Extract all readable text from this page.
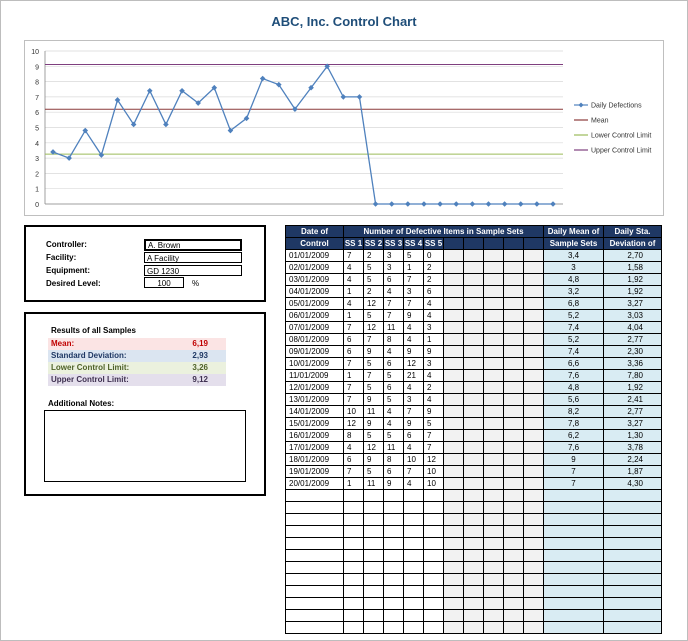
ABC, Inc. Control Chart
0
1
2
3
4
5
6
7
8
9
10
Daily Defections
Mean
Lower Control Limit
Upper Control Limit
Controller:	A. Brown
Facility:	A Facility
Equipment:	GD 1230
Desired Level:	100	%
Results of all Samples
Mean:	6,19
Standard Deviation:	2,93
Lower Control Limit:	3,26
Upper Control Limit:	9,12
Additional Notes:
Date of	Number of Defective Items in Sample Sets										Daily Mean of	Daily Sta.
Control	SS 1	SS 2	SS 3	SS 4	SS 5						Sample Sets	Deviation of
01/01/2009	7	2	3	5	0						3,4	2,70
02/01/2009	4	5	3	1	2						3	1,58
03/01/2009	4	5	6	7	2						4,8	1,92
04/01/2009	1	2	4	3	6						3,2	1,92
05/01/2009	4	12	7	7	4						6,8	3,27
06/01/2009	1	5	7	9	4						5,2	3,03
07/01/2009	7	12	11	4	3						7,4	4,04
08/01/2009	6	7	8	4	1						5,2	2,77
09/01/2009	6	9	4	9	9						7,4	2,30
10/01/2009	7	5	6	12	3						6,6	3,36
11/01/2009	1	7	5	21	4						7,6	7,80
12/01/2009	7	5	6	4	2						4,8	1,92
13/01/2009	7	9	5	3	4						5,6	2,41
14/01/2009	10	11	4	7	9						8,2	2,77
15/01/2009	12	9	4	9	5						7,8	3,27
16/01/2009	8	5	5	6	7						6,2	1,30
17/01/2009	4	12	11	4	7						7,6	3,78
18/01/2009	6	9	8	10	12						9	2,24
19/01/2009	7	5	6	7	10						7	1,87
20/01/2009	1	11	9	4	10						7	4,30
